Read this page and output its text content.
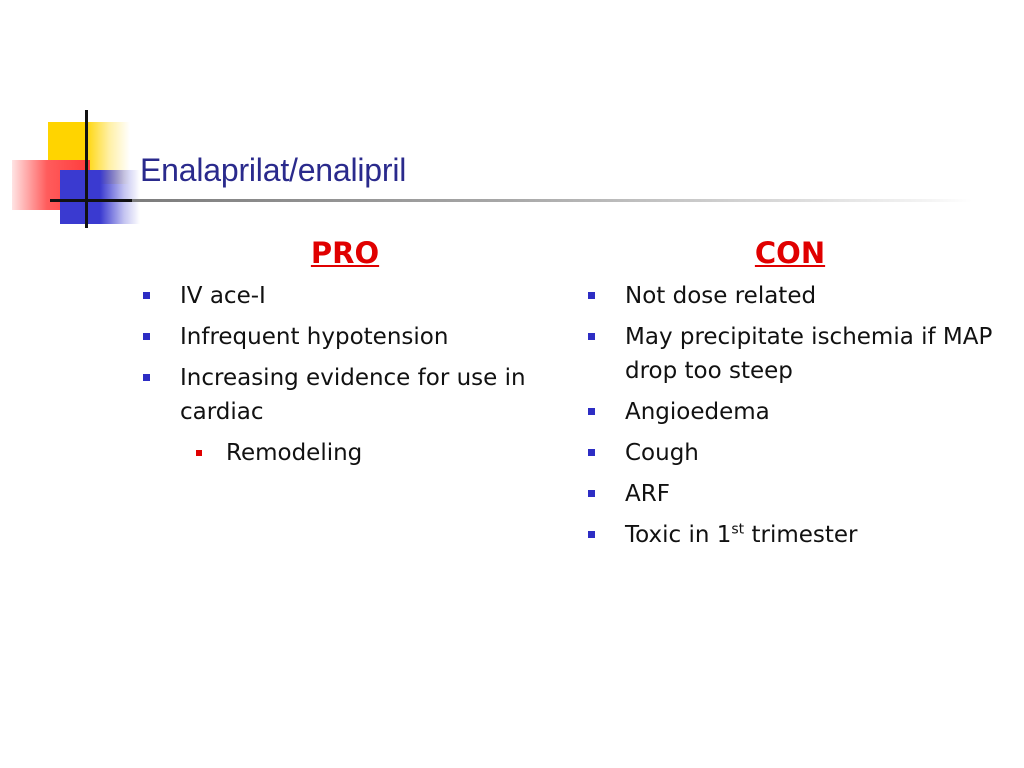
Enalaprilat/enalipril
PRO
IV ace-I
Infrequent hypotension
Increasing evidence for use in cardiac
Remodeling
CON
Not dose related
May precipitate ischemia if MAP drop too steep
Angioedema
Cough
ARF
Toxic in 1st trimester
